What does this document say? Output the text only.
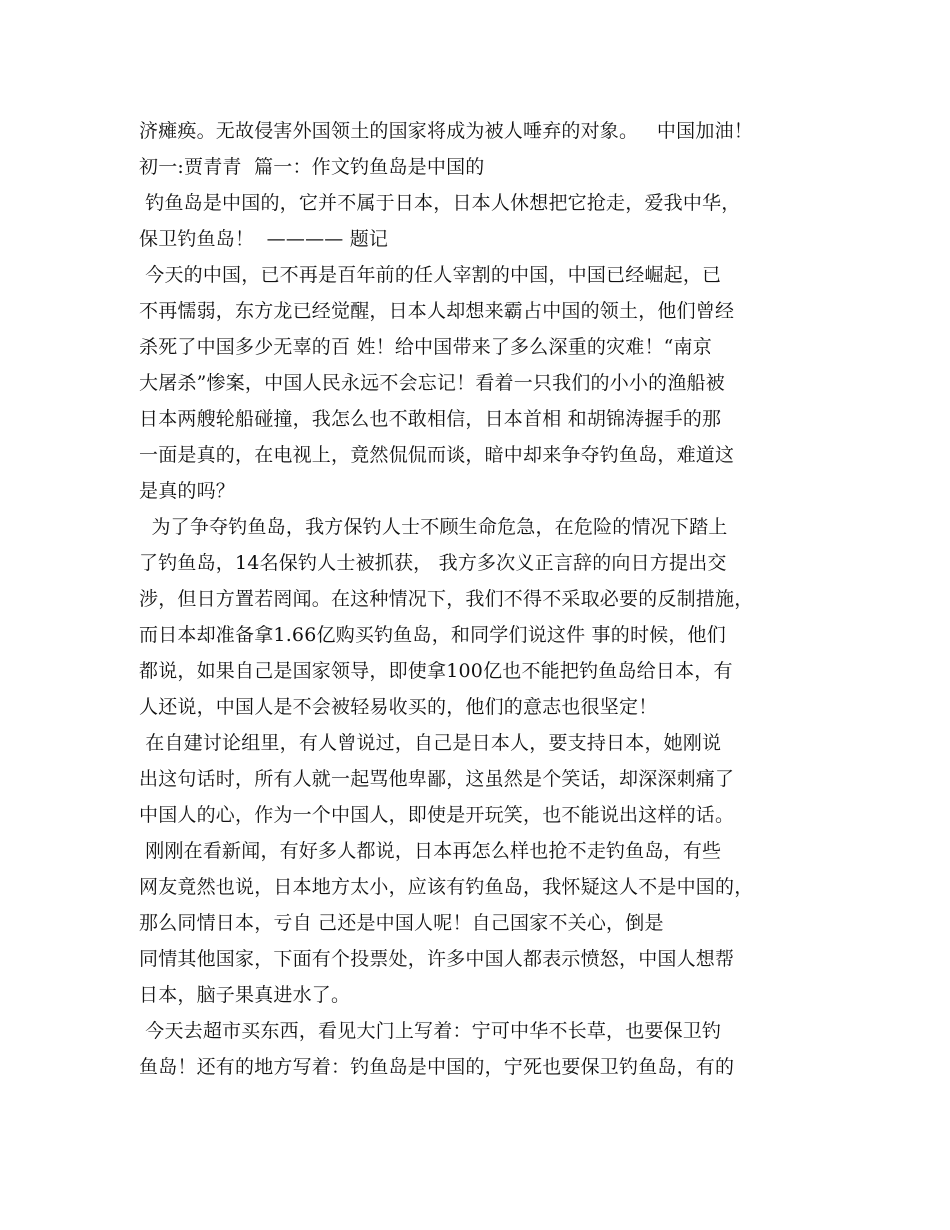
济瘫痪。无故侵害外国领土的国家将成为被人唾弃的对象。   中国加油！
初一:贾青青  篇一：作文钓鱼岛是中国的
钓鱼岛是中国的，它并不属于日本，日本人休想把它抢走，爱我中华，
保卫钓鱼岛！  ———— 题记
今天的中国，已不再是百年前的任人宰割的中国，中国已经崛起，已
不再懦弱，东方龙已经觉醒，日本人却想来霸占中国的领土，他们曾经
杀死了中国多少无辜的百 姓！给中国带来了多么深重的灾难！“南京
大屠杀”惨案，中国人民永远不会忘记！看着一只我们的小小的渔船被
日本两艘轮船碰撞，我怎么也不敢相信，日本首相 和胡锦涛握手的那
一面是真的，在电视上，竟然侃侃而谈，暗中却来争夺钓鱼岛，难道这
是真的吗？
为了争夺钓鱼岛，我方保钓人士不顾生命危急，在危险的情况下踏上
了钓鱼岛，14名保钓人士被抓获， 我方多次义正言辞的向日方提出交
涉，但日方置若罔闻。在这种情况下，我们不得不采取必要的反制措施，
而日本却准备拿1.66亿购买钓鱼岛，和同学们说这件 事的时候，他们
都说，如果自己是国家领导，即使拿100亿也不能把钓鱼岛给日本，有
人还说，中国人是不会被轻易收买的，他们的意志也很坚定！
在自建讨论组里，有人曾说过，自己是日本人，要支持日本，她刚说
出这句话时，所有人就一起骂他卑鄙，这虽然是个笑话，却深深刺痛了
中国人的心，作为一个中国人，即使是开玩笑，也不能说出这样的话。
刚刚在看新闻，有好多人都说，日本再怎么样也抢不走钓鱼岛，有些
网友竟然也说，日本地方太小，应该有钓鱼岛，我怀疑这人不是中国的，
那么同情日本，亏自 己还是中国人呢！自己国家不关心，倒是
同情其他国家，下面有个投票处，许多中国人都表示愤怒，中国人想帮
日本，脑子果真进水了。
今天去超市买东西，看见大门上写着：宁可中华不长草，也要保卫钓
鱼岛！还有的地方写着：钓鱼岛是中国的，宁死也要保卫钓鱼岛，有的
